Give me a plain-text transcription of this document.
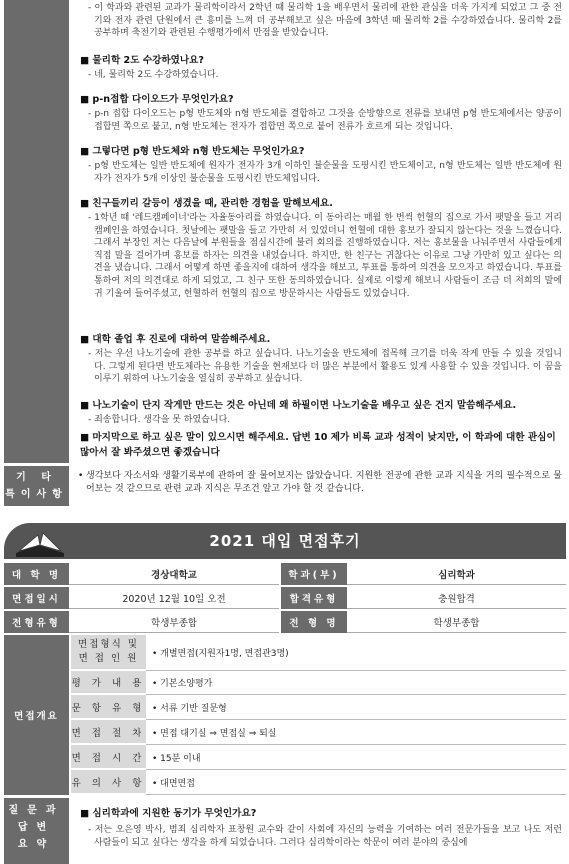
- 이 학과와 관련된 교과가 물리학이라서 2학년 때 물리학 1을 배우면서 물리에 관한 관심을 더욱 가지게 되었고 그 중 전기와 전자 관련 단원에서 큰 흥미를 느껴 더 공부해보고 싶은 마음에 3학년 때 물리학 2를 수강하였습니다. 물리학 2를 공부하며 축전기와 관련된 수행평가에서 만점을 받았습니다.
■ 물리학 2도 수강하였나요?
- 네, 물리학 2도 수강하였습니다.
■ p-n접합 다이오드가 무엇인가요?
- p-n 접합 다이오드는 p형 반도체와 n형 반도체를 결합하고 그것을 순방향으로 전류를 보내면 p형 반도체에서는 양공이 접합면 쪽으로 붙고, n형 반도체는 전자가 접합면 쪽으로 붙어 전류가 흐르게 되는 것입니다.
■ 그렇다면 p형 반도체와 n형 반도체는 무엇인가요?
- p형 반도체는 일반 반도체에 원자가 전자가 3개 이하인 불순물을 도핑시킨 반도체이고, n형 반도체는 일반 반도체에 원자가 전자가 5개 이상인 불순물을 도핑시킨 반도체입니다.
■ 친구들끼리 갈등이 생겼을 때, 관리한 경험을 말해보세요.
- 1학년 때 '레드캠페이너'라는 자율동아리를 하였습니다. 이 동아리는 매월 한 번씩 헌혈의 집으로 가서 팻말을 들고 거리 캠페인을 하였습니다. 첫날에는 팻말을 들고 가만히 서 있었더니 헌혈에 대한 홍보가 잘되지 않는다는 것을 느꼈습니다. 그래서 부장인 저는 다음날에 부원들을 점심시간에 불러 회의를 진행하였습니다. 저는 홍보물을 나눠주면서 사람들에게 직접 말을 걸어가며 홍보를 하자는 의견을 내었습니다. 하지만, 한 친구는 귀찮다는 이유로 그냥 가만히 있고 싶다는 의견을 냈습니다. 그래서 어떻게 하면 좋을지에 대하여 생각을 해보고, 투표를 통하여 의견을 모으자고 하였습니다. 투표를 통하여 저의 의견대로 하게 되었고, 그 친구 또한 동의하였습니다. 실제로 이렇게 해보니 사람들이 조금 더 저희의 말에 귀 기울여 들어주셨고, 헌혈하러 헌혈의 집으로 방문하시는 사람들도 있었습니다.
■ 대학 졸업 후 진로에 대하여 말씀해주세요.
- 저는 우선 나노기술에 관한 공부를 하고 싶습니다. 나노기술을 반도체에 접목해 크기를 더욱 작게 만들 수 있을 것입니다. 그렇게 된다면 반도체라는 유용한 기술을 현재보다 더 많은 부분에서 활용도 있게 사용할 수 있을 것입니다. 이 꿈을 이루기 위하여 나노기술을 열심히 공부하고 싶습니다.
■ 나노기술이 단지 작게만 만드는 것은 아닌데 왜 하필이면 나노기술을 배우고 싶은 건지 말씀해주세요.
- 죄송합니다. 생각을 못 하였습니다.
■ 마지막으로 하고 싶은 말이 있으시면 해주세요. 답변 10 제가 비록 교과 성적이 낮지만, 이 학과에 대한 관심이 많아서 잘 봐주셨으면 좋겠습니다
기 타 특이사항
• 생각보다 자소서와 생활기록부에 관하여 잘 물어보지는 않았습니다. 지원한 전공에 관한 교과 지식을 거의 필수적으로 물어보는 것 같으므로 관련 교과 지식은 무조건 알고 가야 할 것 같습니다.
2021 대입 면접후기
대 학 명	경상대학교	학과(부)	심리학과
면접일시	2020년 12월 10일 오전	합격유형	충원합격
전형유형	학생부종합	전 형 명	학생부종합
면접개요
면접형식 및 면 접 인 원	• 개별면접(지원자1명, 면접관3명)
평 가 내 용 • 기본소양평가
문 항 유 형 • 서류 기반 질문형
면 접 절 차 • 면접 대기실 ⇒ 면접실 ⇒ 퇴실
면 접 시 간 • 15분 이내
유 의 사 항 • 대면면접
질문과 답변 요약
■ 심리학과에 지원한 동기가 무엇인가요?
- 저는 오은영 박사, 범죄 심리학자 표창원 교수와 같이 사회에 자신의 능력을 기여하는 여러 전문가들을 보고 나도 저런 사람들이 되고 싶다는 생각을 하게 되었습니다. 그러다 심리학이라는 학문이 여러 분야의 중심에
